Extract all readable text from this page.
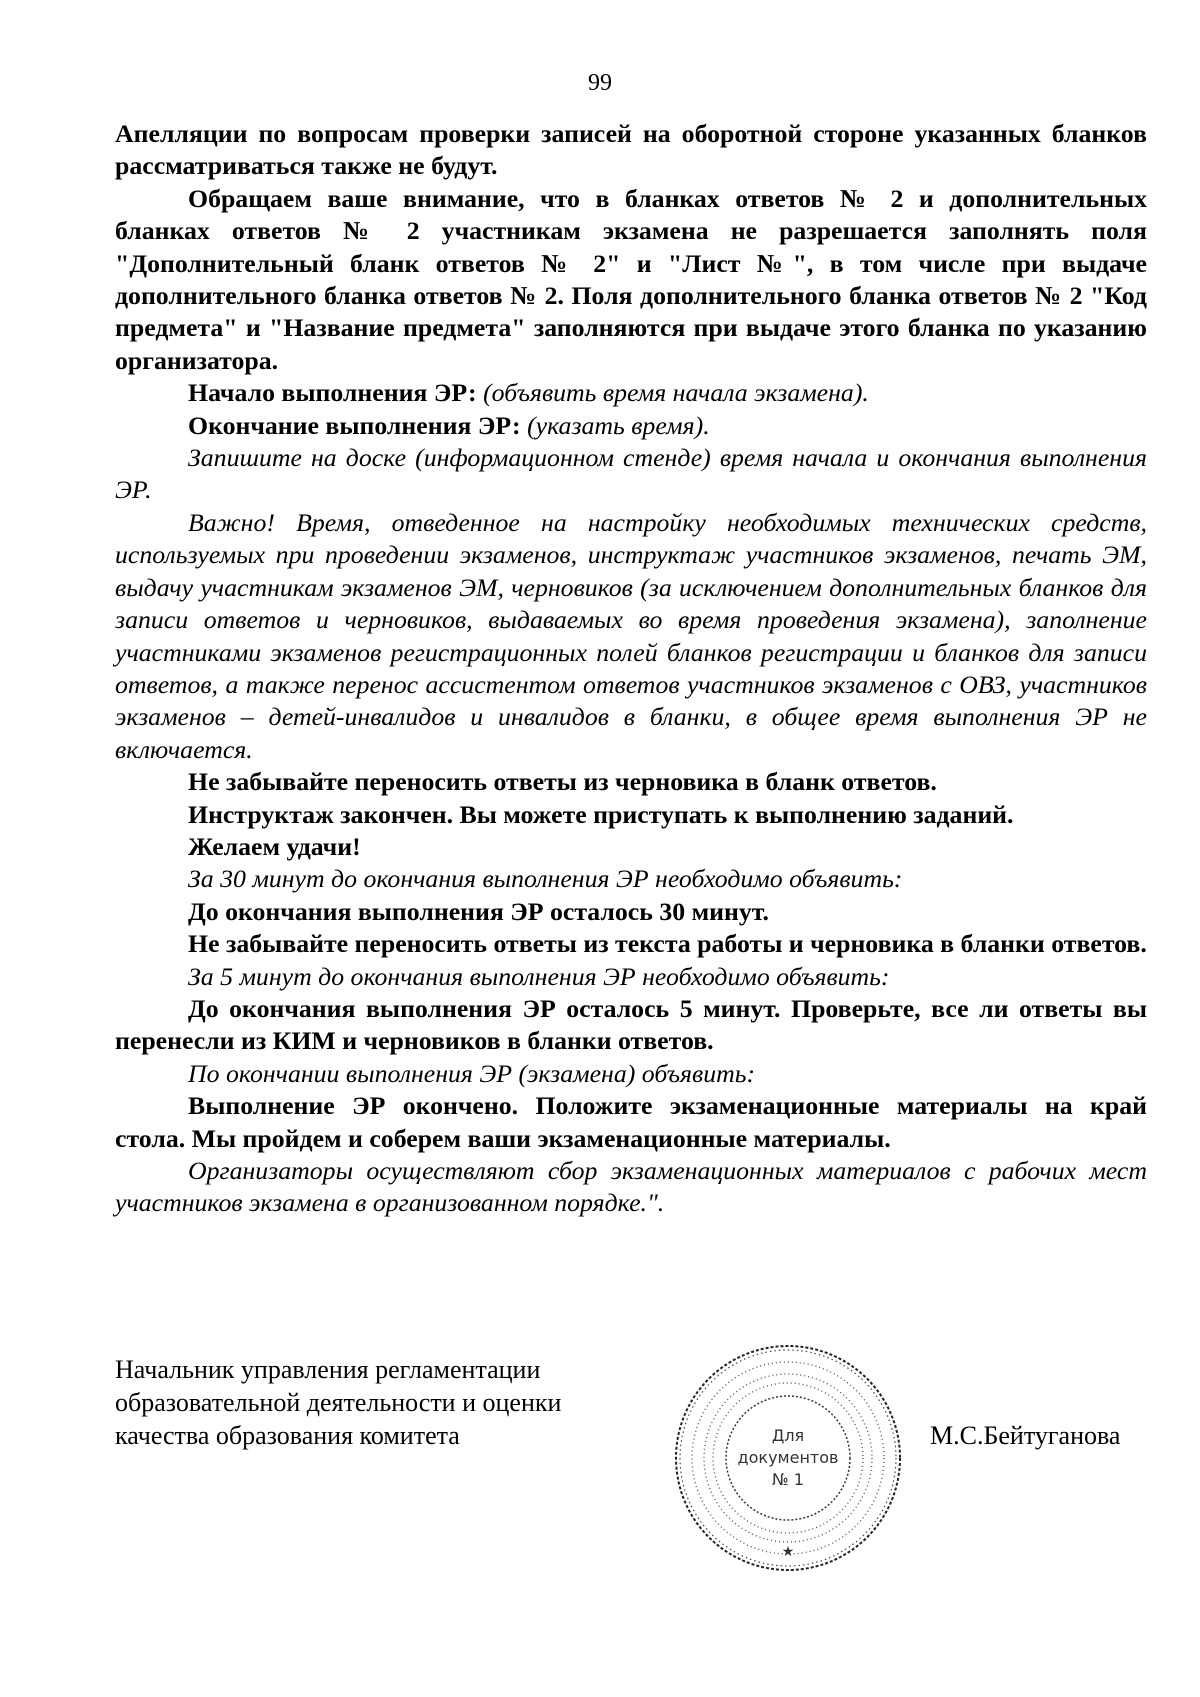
99

Апелляции по вопросам проверки записей на оборотной стороне указанных бланков рассматриваться также не будут.

Обращаем ваше внимание, что в бланках ответов № 2 и дополнительных бланках ответов № 2 участникам экзамена не разрешается заполнять поля "Дополнительный бланк ответов № 2" и "Лист №", в том числе при выдаче дополнительного бланка ответов № 2. Поля дополнительного бланка ответов № 2 "Код предмета" и "Название предмета" заполняются при выдаче этого бланка по указанию организатора.

Начало выполнения ЭР: (объявить время начала экзамена).

Окончание выполнения ЭР: (указать время).

Запишите на доске (информационном стенде) время начала и окончания выполнения ЭР.

Важно! Время, отведенное на настройку необходимых технических средств, используемых при проведении экзаменов, инструктаж участников экзаменов, печать ЭМ, выдачу участникам экзаменов ЭМ, черновиков (за исключением дополнительных бланков для записи ответов и черновиков, выдаваемых во время проведения экзамена), заполнение участниками экзаменов регистрационных полей бланков регистрации и бланков для записи ответов, а также перенос ассистентом ответов участников экзаменов с ОВЗ, участников экзаменов – детей-инвалидов и инвалидов в бланки, в общее время выполнения ЭР не включается.

Не забывайте переносить ответы из черновика в бланк ответов.

Инструктаж закончен. Вы можете приступать к выполнению заданий.

Желаем удачи!

За 30 минут до окончания выполнения ЭР необходимо объявить:

До окончания выполнения ЭР осталось 30 минут.

Не забывайте переносить ответы из текста работы и черновика в бланки ответов.

За 5 минут до окончания выполнения ЭР необходимо объявить:

До окончания выполнения ЭР осталось 5 минут. Проверьте, все ли ответы вы перенесли из КИМ и черновиков в бланки ответов.

По окончании выполнения ЭР (экзамена) объявить:

Выполнение ЭР окончено. Положите экзаменационные материалы на край стола. Мы пройдем и соберем ваши экзаменационные материалы.

Организаторы осуществляют сбор экзаменационных материалов с рабочих мест участников экзамена в организованном порядке.".

Начальник управления регламентации
образовательной деятельности и оценки
качества образования комитета	Для
документов
№ 1
★
М.С.Бейтуганова
